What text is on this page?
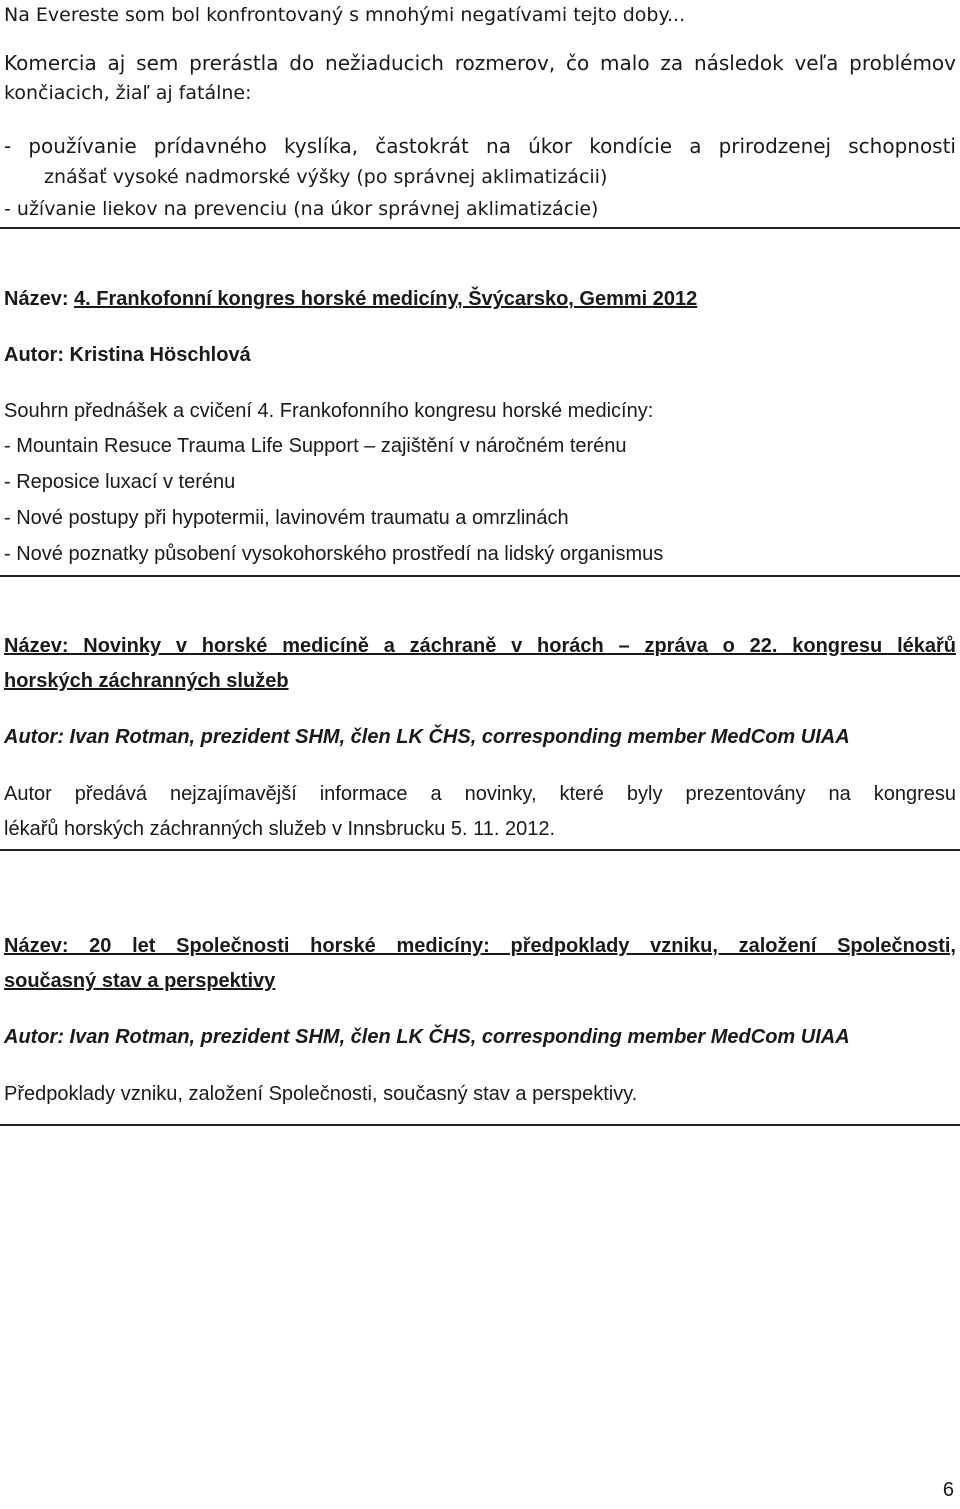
Na Evereste som bol konfrontovaný s mnohými negatívami tejto doby...
Komercia aj sem prerástla do nežiaducich rozmerov, čo malo za následok veľa problémov
končiacich, žiaľ aj fatálne:
- používanie prídavného kyslíka, častokrát na úkor kondície a prirodzenej schopnosti
znášať vysoké nadmorské výšky (po správnej aklimatizácii)
- užívanie liekov na prevenciu (na úkor správnej aklimatizácie)
Název: 4. Frankofonní kongres horské medicíny, Švýcarsko, Gemmi 2012
Autor: Kristina Höschlová
Souhrn přednášek a cvičení 4. Frankofonního kongresu horské medicíny:
- Mountain Resuce Trauma Life Support – zajištění v náročném terénu
- Reposice luxací v terénu
- Nové postupy při hypotermii, lavinovém traumatu a omrzlinách
- Nové poznatky působení vysokohorského prostředí na lidský organismus
Název: Novinky v horské medicíně a záchraně v horách – zpráva o 22. kongresu lékařů
horských záchranných služeb
Autor: Ivan Rotman, prezident SHM, člen LK ČHS, corresponding member MedCom UIAA
Autor předává nejzajímavější informace a novinky, které byly prezentovány na kongresu
lékařů horských záchranných služeb v Innsbrucku 5. 11. 2012.
Název: 20 let Společnosti horské medicíny: předpoklady vzniku, založení Společnosti,
současný stav a perspektivy
Autor: Ivan Rotman, prezident SHM, člen LK ČHS, corresponding member MedCom UIAA
Předpoklady vzniku, založení Společnosti, současný stav a perspektivy.
6
